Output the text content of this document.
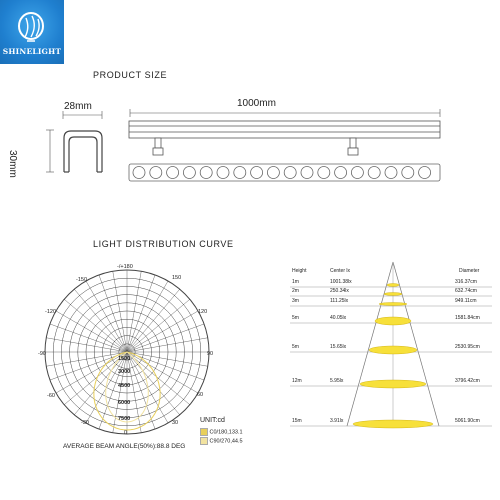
SHINELIGHT
PRODUCT SIZE
28mm	1000mm
30mm
LIGHT DISTRIBUTION CURVE
-/+180
-150	150
-120	120
-90	90
-60	60
-30	30
0
1500
3000
4500
6000
7500	UNIT:cd
C0/180,133.1
C90/270,44.5
AVERAGE BEAM ANGLE(50%):88.8 DEG
Height	Center lx	Diameter
1m	1001.38lx	316.37cm
2m	250.34lx	632.74cm
3m	111.25lx	949.11cm
5m	40.05lx	1581.84cm
5m	15.65lx	2530.95cm
12m	5.95lx	3796.42cm
15m	3.91lx	5061.90cm
